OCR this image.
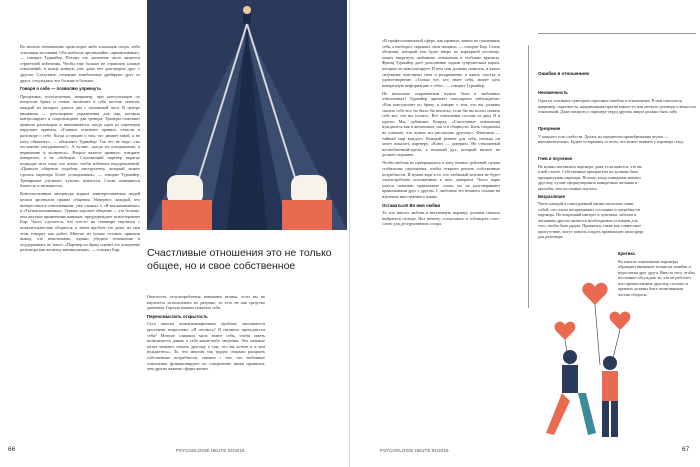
Во многих отношениях происходит либо эскалация спора, либо эскалация молчания. Оба шаблона чрезвычайно «примитивные», — говорит Турмайер. Потому что молчание часто является стратегией избегания. Чтобы еще больше не отравлять климат отношений, в конце концов, уже даже нет разговоров друг с другом. Следствие: отчаянно влюбленные дрейфуют друг от друга, отчуждаясь все больше и больше.

Говоря о себе — позволяю упрекнуть

Программа, используемая, например, при консультации по вопросам брака и семьи, включает в себя восемь сеансов, каждый из которых длится два с половиной часа. В центре внимания — разговорные упражнения для пар, которых контролируют и сопровождают два тренера. Тренеры отмечают правила разговоров и вмешиваются, когда один из партнеров нарушает правила. «Главное основное правило отчасти в разговоре о себе. Когда я говорю о том, что движет мной, я не могу обвинить», — объясняет Турмайер. Так что не надо: «ты постоянно опаздываешь!». А лучше: «когда ты опаздываешь, я нервничаю и волнуюсь». Второе важное правило: говорить конкретно, а не обобщать. Слушающий партнер вкратце подводит итог тому, что понял, чтобы избежать недоразумений. «Правила общения подобны инструменту, который может сделать партнера более «говорливым», — говорит Турмайер. Тренировка улучшает чувство ценности. Слова появляются близость и интимность.

Консультативная литература кормит заинтересованных людей целым арсеналом правил общения. Наверное, каждый, кто интересовался отношениями, уже слышал о «Я-высказываниях» и «Ты-высказываниях». Однако хорошее общение — это больше, чем жесткое применение навыков, предупреждает психотерапевт Бир. Часто случается, что кто-то на семинаре научился с показательностью общаться, а затем пробует это дома, но при этом говорит, как робот. Многие из только готовых приняли вывод, что невозможно, однако убедить отношения и поддерживать их тепло. «Партнер по браку оценит это поведение разговора как попытку манипуляции», — говорит Бир.	Счастливые отношения это не только общее, но и свое собственное

Опасность злоупотребления навыками велика, если вы не научитесь использовать их разумно, то есть не как средство давления. Гораздо важнее показать себя.

Переосмыслить открытость

Суть многих коммуникационных проблем описывается простыми вопросами: «Я отолюсь? Я пытаюсь преподнести себя? Многие слишком мало знают себя, чтобы иметь возможность давать о себе какие-либо сведения. Эти сильные пятна мешают сказать другому о том, что вы хотите и в чем нуждаетесь». То, что многим так трудно открыто раскрыть собственные потребности, связано с тем, что любовные отношения функционируют по совершенно иным правилам, чем другие важные сферы жизни.

66	PSYCHOLOGIE HEUTE 02/2016

«В профессиональной сфере, как правило, важно не показывать себя, а наоборот, скрывать свои эмоции», — говорит Бир. Стиль общения, который там будет вверх по карьерной лестнице, может ввергнуть любовные отношения в глубокие кризисы. Франц Турмайер дает дополнение задачи супружеским парам, которые он консультирует. В нем они должны записать, в каких ситуациях чувствуют гнев и раздражение, в каких счастье и удовлетворение. «Только тот, кто знает себя, может дать конкретную информацию о себе», — говорит Турмайер.

Но насколько откровенным нужно быть в любовных отношениях? Турмайер признает популярное заблуждение: «Как консультант по браку, я говорю о том, что вы должны сказать себе все, но было бы неплохо, если бы вы могли сказать себе все, что вы хотите». Все отношения состоят из двух Я и одного Мы, добавляет Конрад. «Счастливые отношения нуждаются как в автономии, так и в общности. Быть открытым не означает, что нужно все рассказать другому». Фантазии — тайный мир каждого. Каждый решает для себя, сколько он хочет показать партнеру. «Ключ — доверие». Не стеклянный возлюбленный-идеал, а вольный дух, который ничего не должен скрывать.

Чтобы любовь не превращалась в зону боевых действий, нужна стабильная самооценка, чтобы открыто решать собственные потребности. И нужна вера в то, что любимый человек не будет злоупотреблять изложенным в него доверием. Часто пары учатся понятию правильные слова, но не разговаривают правильными друг с другом. С любовью это немного похоже на изучение иностранного языка.

Оставаться! Во имя любви

То, кто вносит любовь в негативную воронку, должны сначала выбраться отсюда. Вот почему, согласовать и соблюдать стоп-слово для деструктивного спора.

Ошибки в отношениях
Неизменность
Одна из основных триггеров серьезных ошибок в отношениях. В нем относится, например, скрытность, направленная против какого-то или меткого договора о вечности отношений. Даже говорить о партнере перед другим лицом должно быть табу.
Презрение
У каждого есть слабости. Делать их предметом пренебрежения шуток — непозволительно. Будьте осторожны со всем, что может вызвать у партнера стыд.
Гнев и поучение
Не нужно наставлять партнера, даже если кажется, что вы в ней стоите. Собственные приоритеты не должны быть приоритетами партнера. Потому, когда поведение мешает другому, лучше сформулировать конкретные желания и просьбы, чем постоянно поучать.
Безразличие
Часто каждый в повседневной жизни настолько занят собой, что плохо воспринимает состояние и потребности партнера. Но искренний интерес к чувствам, заботам и желаниям другого является необходимым условием для того, чтобы быть рядом. Привычки, такие как совместное присутствие, могут помочь создать правильную атмосферу для разговора.
Критика
Во многих отношениях партнеры обращают внимание только на ошибки и недостатки друг друга. Вместо того, чтобы постоянно обсуждать то, что не работает, или препятствовать другому, полезно и приятно должны быть позитивными частые обороты.
PSYCHOLOGIE HEUTE 02/2016	67
